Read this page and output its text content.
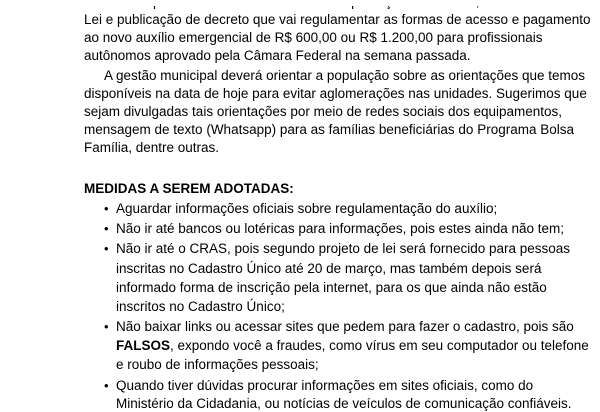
Lei e publicação de decreto que vai regulamentar as formas de acesso e pagamento
ao novo auxílio emergencial de R$ 600,00 ou R$ 1.200,00 para profissionais
autônomos aprovado pela Câmara Federal na semana passada.
A gestão municipal deverá orientar a população sobre as orientações que temos
disponíveis na data de hoje para evitar aglomerações nas unidades. Sugerimos que
sejam divulgadas tais orientações por meio de redes sociais dos equipamentos,
mensagem de texto (Whatsapp) para as famílias beneficiárias do Programa Bolsa
Família, dentre outras.
MEDIDAS A SEREM ADOTADAS:
• Aguardar informações oficiais sobre regulamentação do auxílio;
• Não ir até bancos ou lotéricas para informações, pois estes ainda não tem;
• Não ir até o CRAS, pois segundo projeto de lei será fornecido para pessoas
inscritas no Cadastro Único até 20 de março, mas também depois será
informado forma de inscrição pela internet, para os que ainda não estão
inscritos no Cadastro Único;
• Não baixar links ou acessar sites que pedem para fazer o cadastro, pois são
FALSOS, expondo você a fraudes, como vírus em seu computador ou telefone
e roubo de informações pessoais;
• Quando tiver dúvidas procurar informações em sites oficiais, como do
Ministério da Cidadania, ou notícias de veículos de comunicação confiáveis.
